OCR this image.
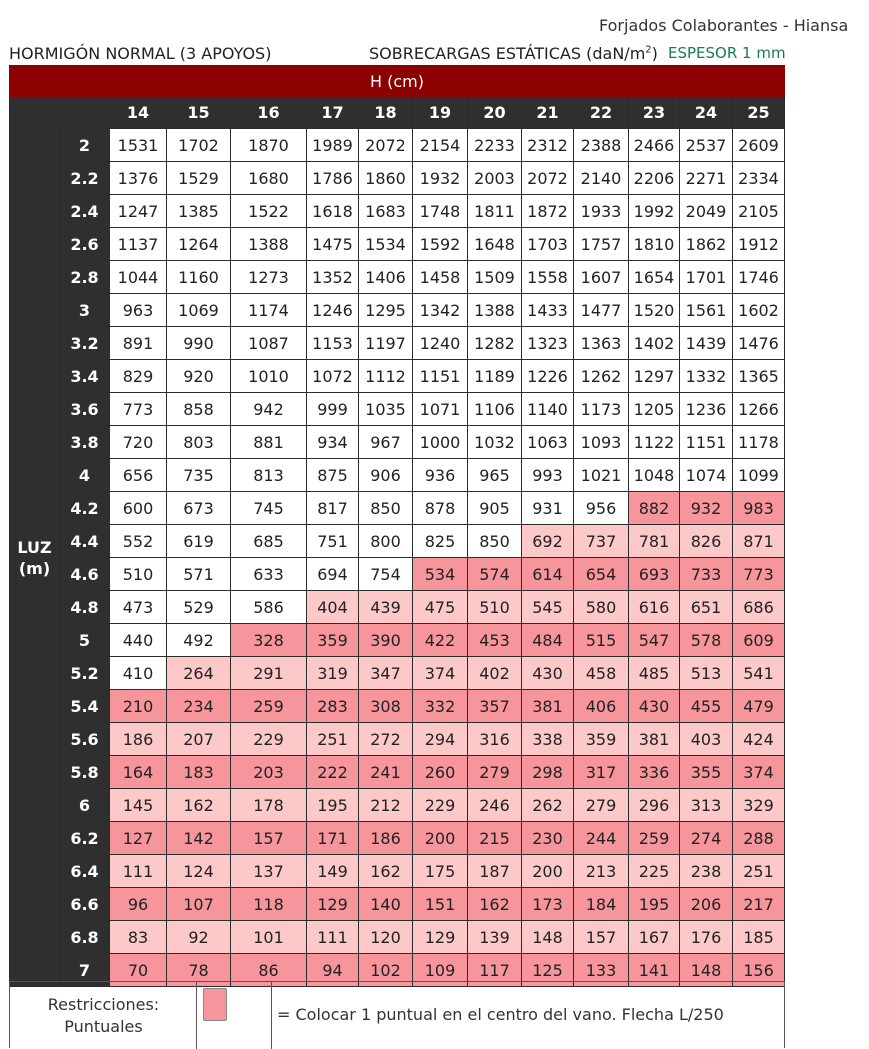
Forjados Colaborantes - Hiansa
HORMIGÓN NORMAL (3 APOYOS)	SOBRECARGAS ESTÁTICAS $(daN/m^2)$ ESPESOR 1 mm
H (cm)													
		14	15	16	17	18	19	20	21	22	23	24	25
LUZ
(m)	2	1531	1702	1870	1989	2072	2154	2233	2312	2388	2466	2537	2609
	2.2	1376	1529	1680	1786	1860	1932	2003	2072	2140	2206	2271	2334
	2.4	1247	1385	1522	1618	1683	1748	1811	1872	1933	1992	2049	2105
	2.6	1137	1264	1388	1475	1534	1592	1648	1703	1757	1810	1862	1912
	2.8	1044	1160	1273	1352	1406	1458	1509	1558	1607	1654	1701	1746
	3	963	1069	1174	1246	1295	1342	1388	1433	1477	1520	1561	1602
	3.2	891	990	1087	1153	1197	1240	1282	1323	1363	1402	1439	1476
	3.4	829	920	1010	1072	1112	1151	1189	1226	1262	1297	1332	1365
	3.6	773	858	942	999	1035	1071	1106	1140	1173	1205	1236	1266
	3.8	720	803	881	934	967	1000	1032	1063	1093	1122	1151	1178
	4	656	735	813	875	906	936	965	993	1021	1048	1074	1099
	4.2	600	673	745	817	850	878	905	931	956	882	932	983
	4.4	552	619	685	751	800	825	850	692	737	781	826	871
	4.6	510	571	633	694	754	534	574	614	654	693	733	773
	4.8	473	529	586	404	439	475	510	545	580	616	651	686
	5	440	492	328	359	390	422	453	484	515	547	578	609
	5.2	410	264	291	319	347	374	402	430	458	485	513	541
	5.4	210	234	259	283	308	332	357	381	406	430	455	479
	5.6	186	207	229	251	272	294	316	338	359	381	403	424
	5.8	164	183	203	222	241	260	279	298	317	336	355	374
	6	145	162	178	195	212	229	246	262	279	296	313	329
	6.2	127	142	157	171	186	200	215	230	244	259	274	288
	6.4	111	124	137	149	162	175	187	200	213	225	238	251
	6.6	96	107	118	129	140	151	162	173	184	195	206	217
	6.8	83	92	101	111	120	129	139	148	157	167	176	185
	7	70	78	86	94	102	109	117	125	133	141	148	156
Restricciones:
Puntuales
= Colocar 1 puntual en el centro del vano. Flecha L/250
